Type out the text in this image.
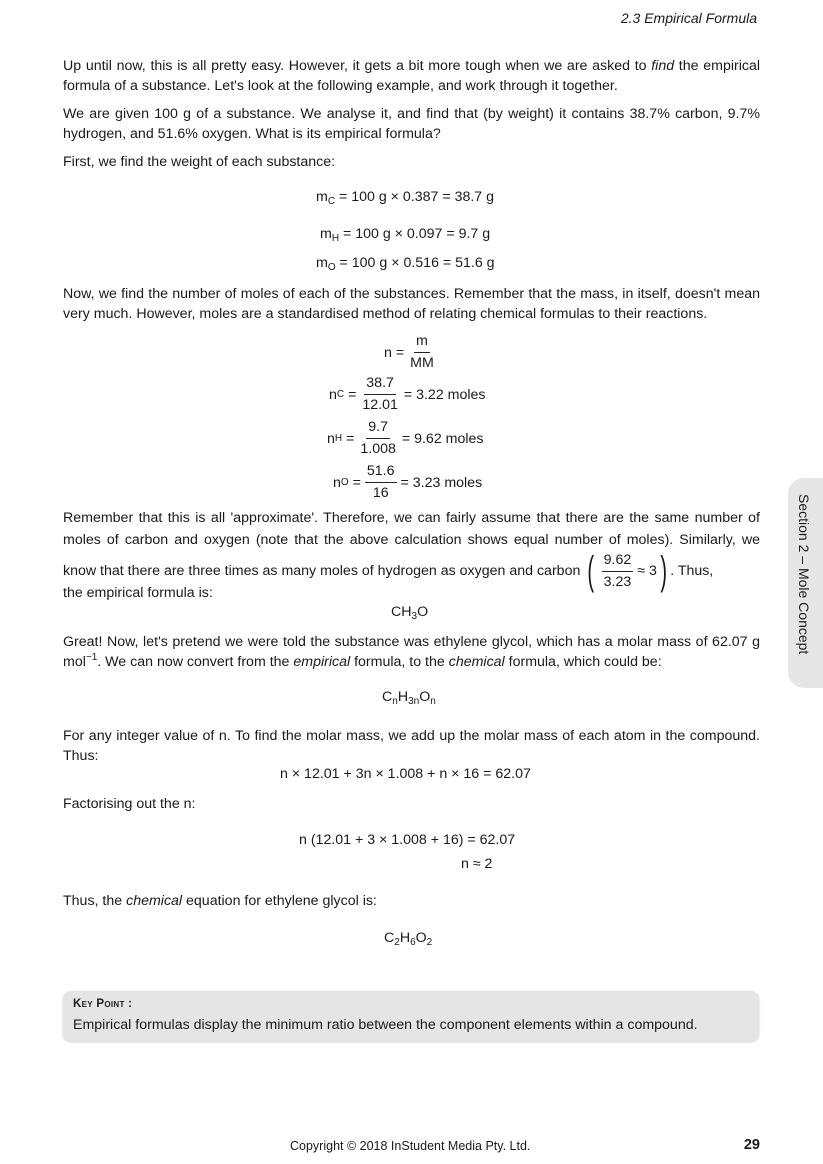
2.3 Empirical Formula

Up until now, this is all pretty easy. However, it gets a bit more tough when we are asked to find the empirical formula of a substance. Let's look at the following example, and work through it together.

We are given 100 g of a substance. We analyse it, and find that (by weight) it contains 38.7% carbon, 9.7% hydrogen, and 51.6% oxygen. What is its empirical formula?

First, we find the weight of each substance:

$m_C = 100$ g × 0.387 = 38.7 g
$m_H = 100$ g × 0.097 = 9.7 g
$m_O = 100$ g × 0.516 = 51.6 g

Now, we find the number of moles of each of the substances. Remember that the mass, in itself, doesn't mean very much. However, moles are a standardised method of relating chemical formulas to their reactions.

$n = \frac{m}{MM}$
n $C = \frac{38.7}{12.01} = 3.22$ moles
n $H = \frac{9.7}{1.008} = 9.62$ moles
n $O = \frac{51.6}{16} = 3.23$ moles

Remember that this is all 'approximate'. Therefore, we can fairly assume that there are the same number of moles of carbon and oxygen (note that the above calculation shows equal number of moles). Similarly, we know that there are three times as many moles of hydrogen as oxygen and carbon ( $\frac{9.62}{3.23} \approx 3$ ) . Thus,

the empirical formula is:

$CH_3O$

Great! Now, let's pretend we were told the substance was ethylene glycol, which has a molar mass of 62.07 g mol$^{-1}$. We can now convert from the empirical formula, to the chemical formula, which could be:

$C_nH_{3n}O_n$

For any integer value of n. To find the molar mass, we add up the molar mass of each atom in the compound. Thus:

n × 12.01 + 3n × 1.008 + n × 16 = 62.07

Factorising out the n:

n (12.01 + 3 × 1.008 + 16) = 62.07
n ≈ 2

Thus, the chemical equation for ethylene glycol is:

$C_2H_6O_2$
Key Point :
Empirical formulas display the minimum ratio between the component elements within a compound.
Section 2 – Mole Concept
Copyright © 2018 InStudent Media Pty. Ltd.	29
